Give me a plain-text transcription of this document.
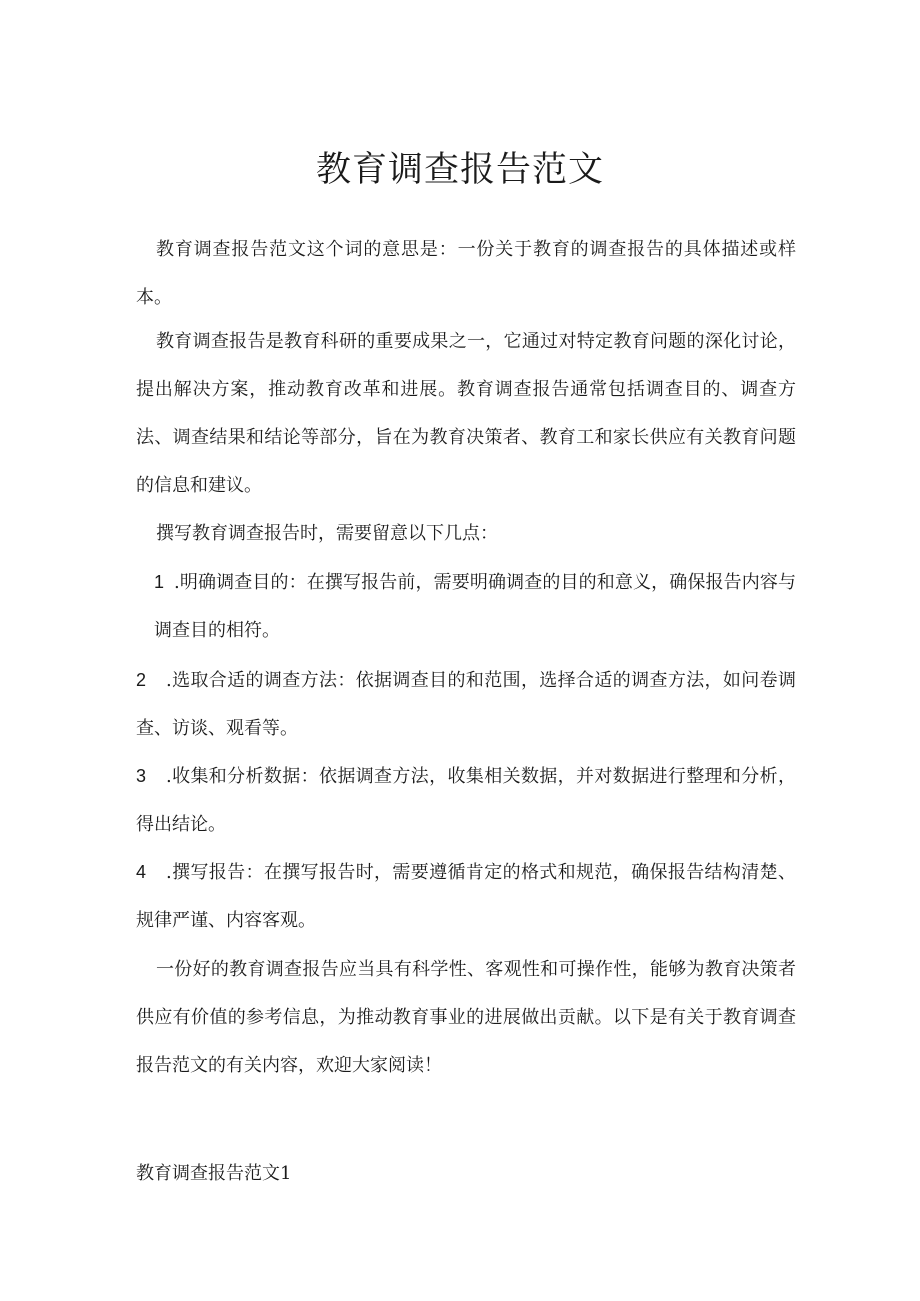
教育调查报告范文
教育调查报告范文这个词的意思是：一份关于教育的调查报告的具体描述或样本。
教育调查报告是教育科研的重要成果之一，它通过对特定教育问题的深化讨论，提出解决方案，推动教育改革和进展。教育调查报告通常包括调查目的、调查方法、调查结果和结论等部分，旨在为教育决策者、教育工和家长供应有关教育问题的信息和建议。
撰写教育调查报告时，需要留意以下几点：
1 .明确调查目的：在撰写报告前，需要明确调查的目的和意义，确保报告内容与调查目的相符。
2 .选取合适的调查方法：依据调查目的和范围，选择合适的调查方法，如问卷调查、访谈、观看等。
3 .收集和分析数据：依据调查方法，收集相关数据，并对数据进行整理和分析，得出结论。
4 .撰写报告：在撰写报告时，需要遵循肯定的格式和规范，确保报告结构清楚、规律严谨、内容客观。
一份好的教育调查报告应当具有科学性、客观性和可操作性，能够为教育决策者供应有价值的参考信息，为推动教育事业的进展做出贡献。以下是有关于教育调查报告范文的有关内容，欢迎大家阅读！
教育调查报告范文1
